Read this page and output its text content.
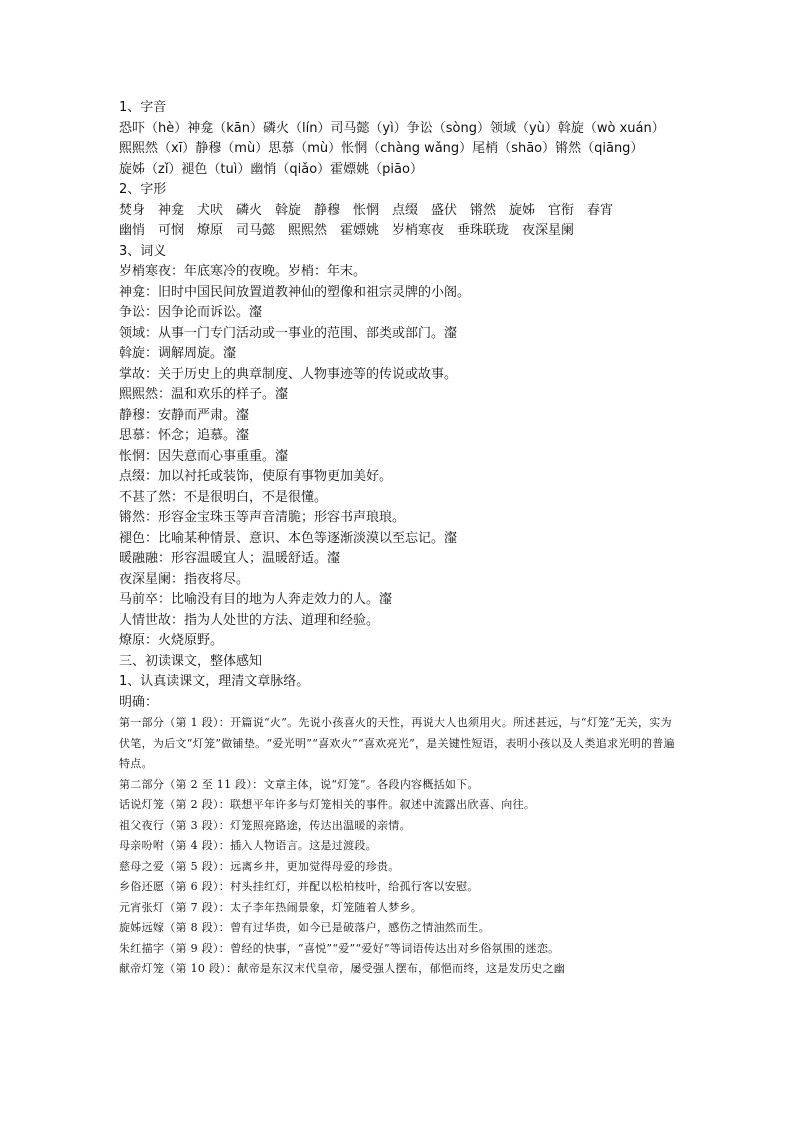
1、字音
恐吓（hè）神龛（kān）磷火（lín）司马懿（yì）争讼（sòng）领域（yù）斡旋（wò xuán）
熙熙然（xī）静穆（mù）思慕（mù）怅惘（chàng wǎng）尾梢（shāo）锵然（qiāng）
旋姊（zǐ）褪色（tuì）幽悄（qiǎo）霍嫖姚（piāo）
2、字形
焚身　神龛　犬吠　磷火　斡旋　静穆　怅惘　点缀　盛伏　锵然　旋姊　官衔　春宵
幽悄　可悯　燎原　司马懿　熙熙然　霍嫖姚　岁梢寒夜　垂珠联珑　夜深星阑
3、词义
岁梢寒夜：年底寒冷的夜晚。岁梢：年末。
神龛：旧时中国民间放置道教神仙的塑像和祖宗灵牌的小阁。
争讼：因争论而诉讼。瀣
领域：从事一门专门活动或一事业的范围、部类或部门。瀣
斡旋：调解周旋。瀣
掌故：关于历史上的典章制度、人物事迹等的传说或故事。
熙熙然：温和欢乐的样子。瀣
静穆：安静而严肃。瀣
思慕：怀念；追慕。瀣
怅惘：因失意而心事重重。瀣
点缀：加以衬托或装饰，使原有事物更加美好。
不甚了然：不是很明白，不是很懂。
锵然：形容金宝珠玉等声音清脆；形容书声琅琅。
褪色：比喻某种情景、意识、本色等逐渐淡漠以至忘记。瀣
暖融融：形容温暖宜人；温暖舒适。瀣
夜深星阑：指夜将尽。
马前卒：比喻没有目的地为人奔走效力的人。瀣
人情世故：指为人处世的方法、道理和经验。
燎原：火烧原野。
三、初读课文，整体感知
1、认真读课文，理清文章脉络。
明确：
第一部分（第 1 段）：开篇说“火”。先说小孩喜火的天性，再说大人也须用火。所述甚远，与“灯笼”无关，实为伏笔，为后文“灯笼”做铺垫。“爱光明”“喜欢火”“喜欢亮光”，是关键性短语，表明小孩以及人类追求光明的普遍特点。
第二部分（第 2 至 11 段）：文章主体，说“灯笼”。各段内容概括如下。
话说灯笼（第 2 段）：联想平年许多与灯笼相关的事件。叙述中流露出欣喜、向往。
祖父夜行（第 3 段）：灯笼照亮路途，传达出温暖的亲情。
母亲吩咐（第 4 段）：插入人物语言。这是过渡段。
慈母之爱（第 5 段）：远离乡井，更加觉得母爱的珍贵。
乡俗还愿（第 6 段）：村头挂红灯，并配以松柏枝叶，给孤行客以安慰。
元宵张灯（第 7 段）：太子李年热闹景象，灯笼随着人梦乡。
旋姊远嫁（第 8 段）：曾有过华贵，如今已是破落户，感伤之情油然而生。
朱红描字（第 9 段）：曾经的快事，“喜悦”“爱”“爱好”等词语传达出对乡俗氛围的迷恋。
献帝灯笼（第 10 段）：献帝是东汉末代皇帝，屡受强人摆布，郁悒而终，这是发历史之幽
